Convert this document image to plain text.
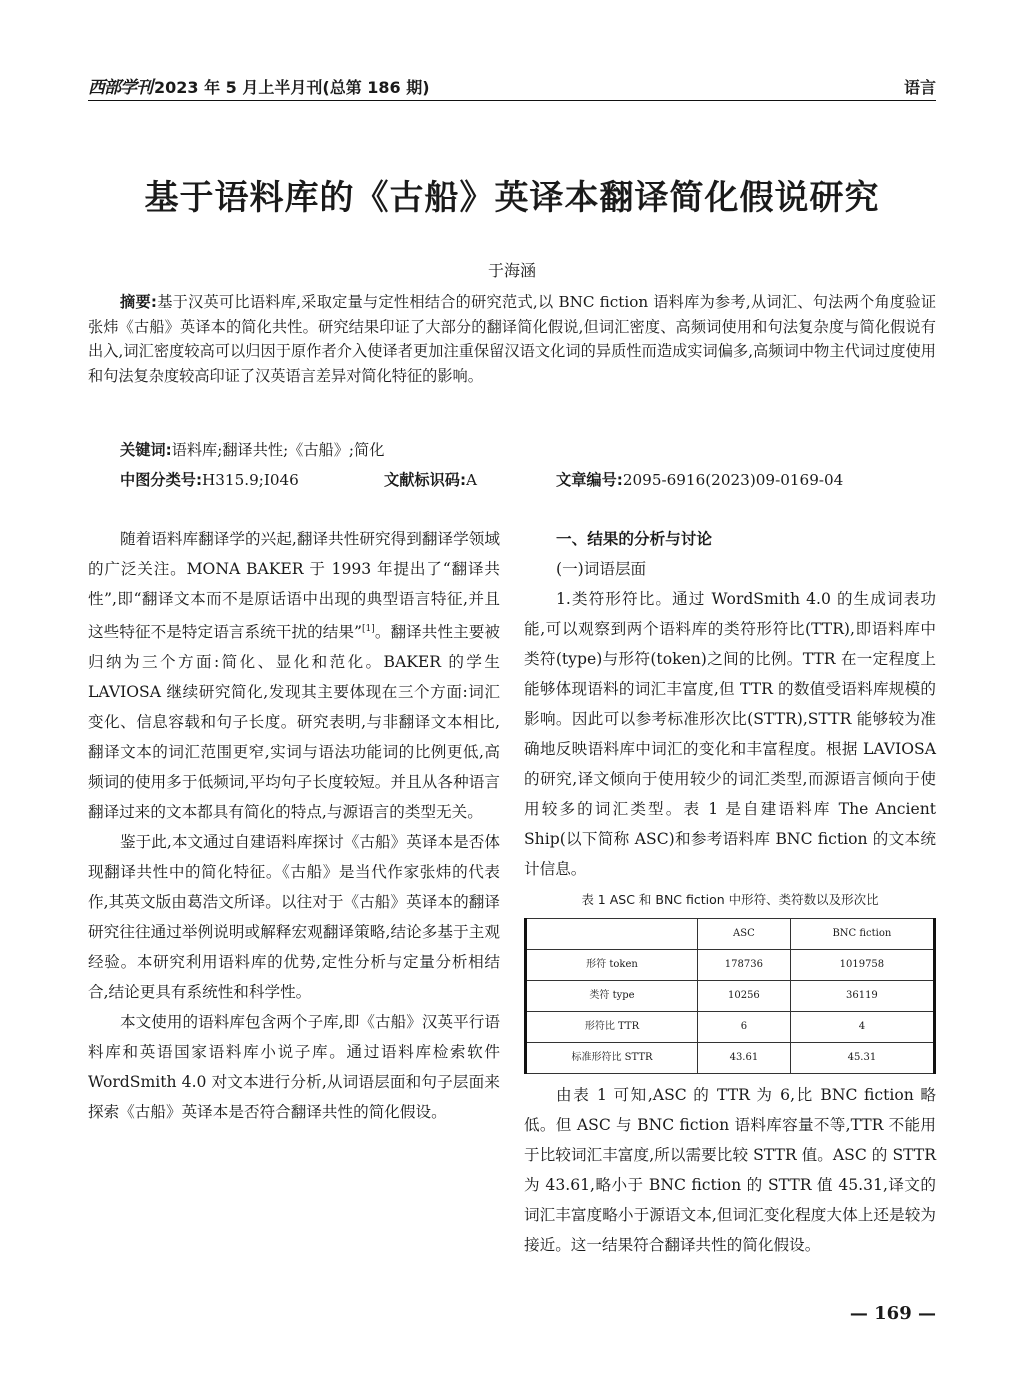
西部学刊 2023 年 5 月上半月刊(总第 186 期)	语言
基于语料库的《古船》英译本翻译简化假说研究
于海涵
摘要:基于汉英可比语料库,采取定量与定性相结合的研究范式,以 BNC fiction 语料库为参考,从词汇、句法两个角度验证张炜《古船》英译本的简化共性。研究结果印证了大部分的翻译简化假说,但词汇密度、高频词使用和句法复杂度与简化假说有出入,词汇密度较高可以归因于原作者介入使译者更加注重保留汉语文化词的异质性而造成实词偏多,高频词中物主代词过度使用和句法复杂度较高印证了汉英语言差异对简化特征的影响。
关键词:语料库;翻译共性;《古船》;简化
中图分类号:H315.9;I046	文献标识码:A	文章编号:2095-6916(2023)09-0169-04

随着语料库翻译学的兴起,翻译共性研究得到翻译学领域的广泛关注。MONA BAKER 于 1993 年提出了“翻译共性”,即“翻译文本而不是原话语中出现的典型语言特征,并且这些特征不是特定语言系统干扰的结果”[1]。翻译共性主要被归纳为三个方面:简化、显化和范化。BAKER 的学生 LAVIOSA 继续研究简化,发现其主要体现在三个方面:词汇变化、信息容载和句子长度。研究表明,与非翻译文本相比,翻译文本的词汇范围更窄,实词与语法功能词的比例更低,高频词的使用多于低频词,平均句子长度较短。并且从各种语言翻译过来的文本都具有简化的特点,与源语言的类型无关。

鉴于此,本文通过自建语料库探讨《古船》英译本是否体现翻译共性中的简化特征。《古船》是当代作家张炜的代表作,其英文版由葛浩文所译。以往对于《古船》英译本的翻译研究往往通过举例说明或解释宏观翻译策略,结论多基于主观经验。本研究利用语料库的优势,定性分析与定量分析相结合,结论更具有系统性和科学性。

本文使用的语料库包含两个子库,即《古船》汉英平行语料库和英语国家语料库小说子库。通过语料库检索软件 WordSmith 4.0 对文本进行分析,从词语层面和句子层面来探索《古船》英译本是否符合翻译共性的简化假设。

一、结果的分析与讨论

(一)词语层面

1.类符形符比。通过 WordSmith 4.0 的生成词表功能,可以观察到两个语料库的类符形符比(TTR),即语料库中类符(type)与形符(token)之间的比例。TTR 在一定程度上能够体现语料的词汇丰富度,但 TTR 的数值受语料库规模的影响。因此可以参考标准形次比(STTR),STTR 能够较为准确地反映语料库中词汇的变化和丰富程度。根据 LAVIOSA 的研究,译文倾向于使用较少的词汇类型,而源语言倾向于使用较多的词汇类型。表 1 是自建语料库 The Ancient Ship(以下简称 ASC)和参考语料库 BNC fiction 的文本统计信息。

表 1 ASC 和 BNC fiction 中形符、类符数以及形次比
	ASC	BNC fiction
形符 token	178736	1019758
类符 type	10256	36119
形符比 TTR	6	4
标准形符比 STTR	43.61	45.31

由表 1 可知,ASC 的 TTR 为 6,比 BNC fiction 略低。但 ASC 与 BNC fiction 语料库容量不等,TTR 不能用于比较词汇丰富度,所以需要比较 STTR 值。ASC 的 STTR 为 43.61,略小于 BNC fiction 的 STTR 值 45.31,译文的词汇丰富度略小于源语文本,但词汇变化程度大体上还是较为接近。这一结果符合翻译共性的简化假设。

— 169 —
